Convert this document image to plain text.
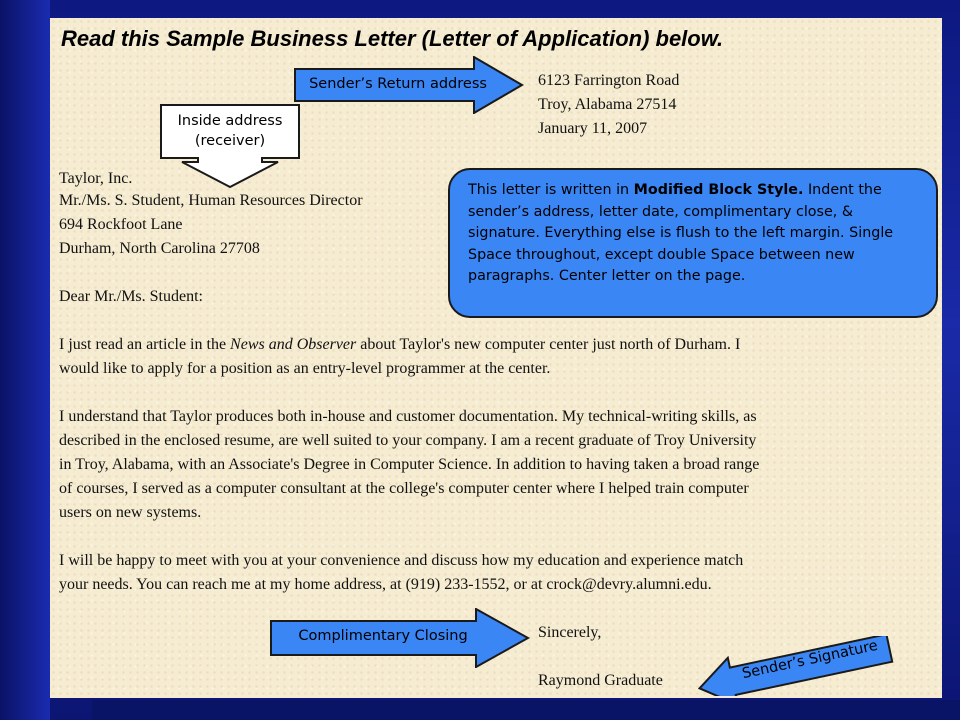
Read this Sample Business Letter (Letter of Application) below.
6123 Farrington Road
Troy, Alabama 27514
January 11, 2007
Taylor, Inc.
Mr./Ms. S. Student, Human Resources Director
694 Rockfoot Lane
Durham, North Carolina 27708
Dear Mr./Ms. Student:
I just read an article in the News and Observer about Taylor's new computer center just north of Durham. I
would like to apply for a position as an entry-level programmer at the center.
I understand that Taylor produces both in-house and customer documentation. My technical-writing skills, as
described in the enclosed resume, are well suited to your company. I am a recent graduate of Troy University
in Troy, Alabama, with an Associate's Degree in Computer Science. In addition to having taken a broad range
of courses, I served as a computer consultant at the college's computer center where I helped train computer
users on new systems.
I will be happy to meet with you at your convenience and discuss how my education and experience match
your needs. You can reach me at my home address, at (919) 233-1552, or at crock@devry.alumni.edu.
Sincerely,
Raymond Graduate
Sender’s Return address
Inside address
(receiver)
This letter is written in Modified Block Style. Indent the sender’s address, letter date, complimentary close, & signature. Everything else is flush to the left margin. Single Space throughout, except double Space between new paragraphs. Center letter on the page.
Complimentary Closing
Sender’s Signature
